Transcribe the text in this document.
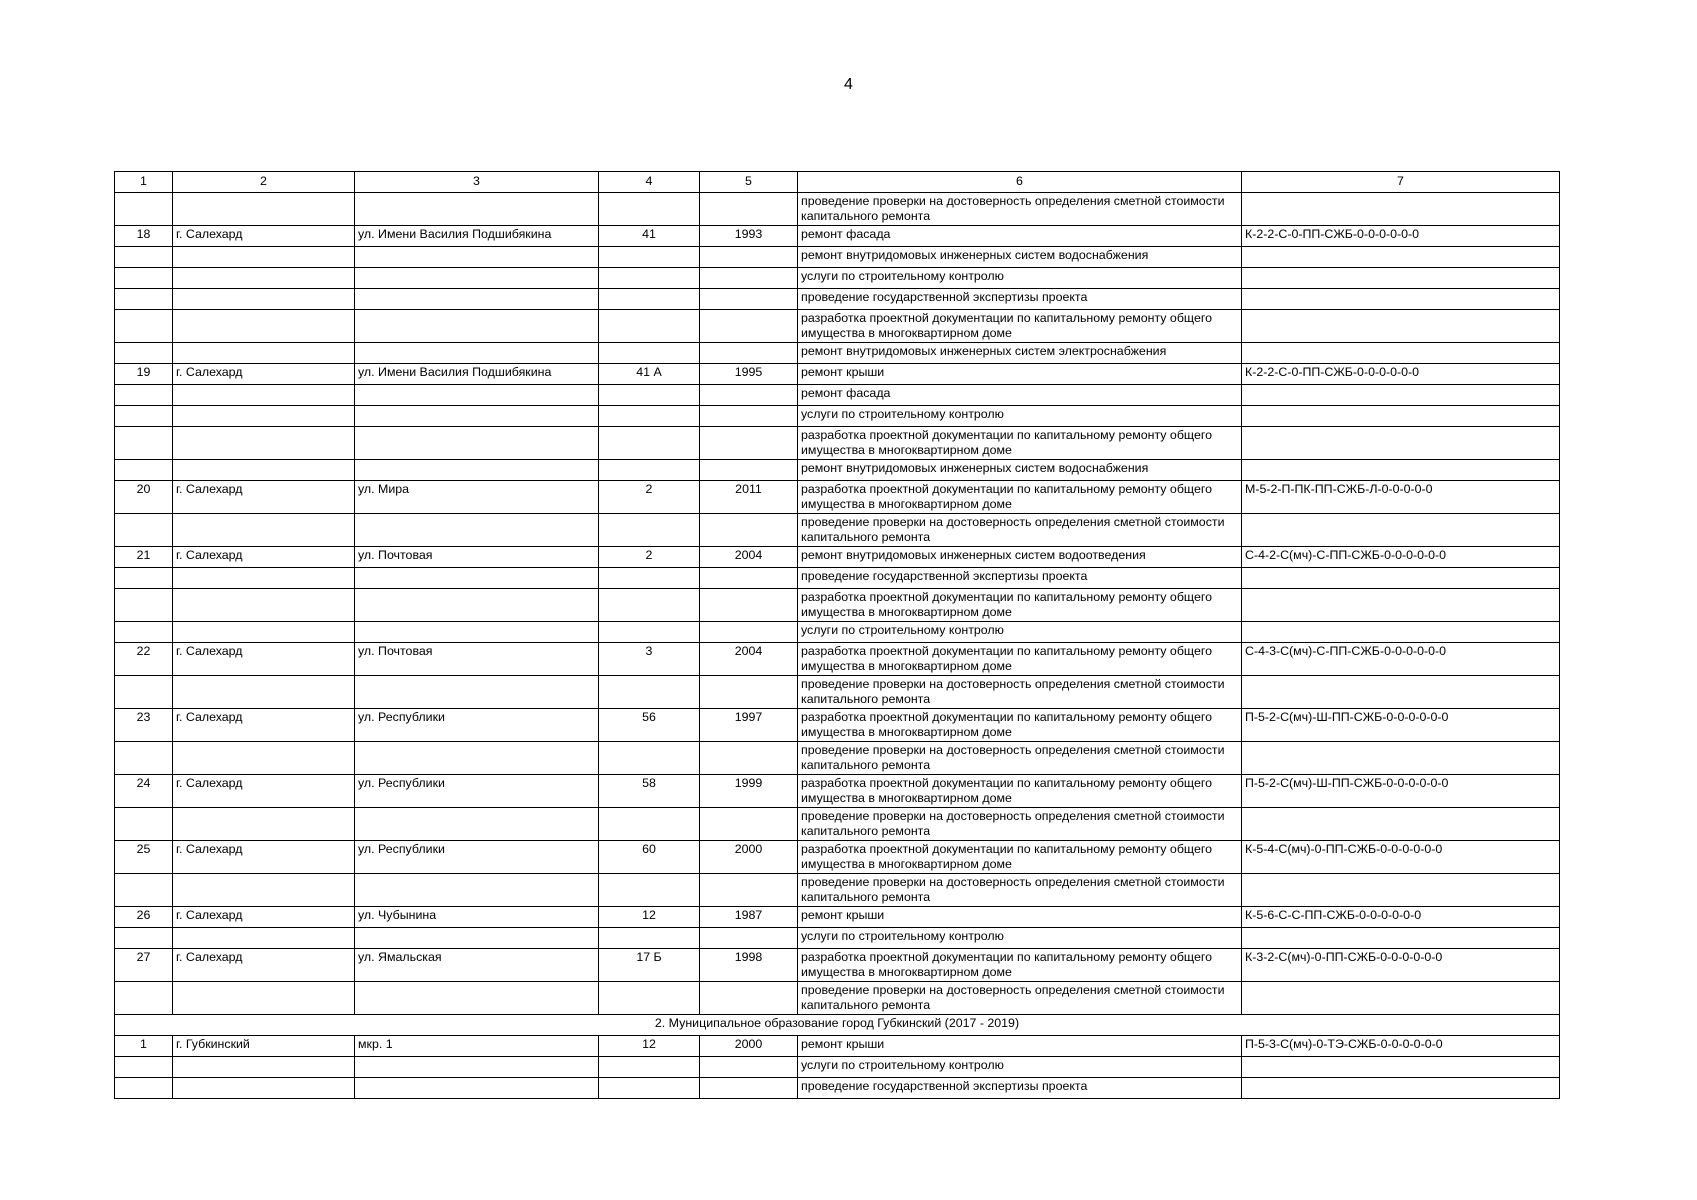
4
1	2	3	4	5	6	7
					проведение проверки на достоверность определения сметной стоимости капитального ремонта	
18	г. Салехард	ул. Имени Василия Подшибякина	41	1993	ремонт фасада	К-2-2-С-0-ПП-СЖБ-0-0-0-0-0-0
					ремонт внутридомовых инженерных систем водоснабжения	
					услуги по строительному контролю	
					проведение государственной экспертизы проекта	
					разработка проектной документации по капитальному ремонту общего имущества в многоквартирном доме	
					ремонт внутридомовых инженерных систем электроснабжения	
19	г. Салехард	ул. Имени Василия Подшибякина	41 А	1995	ремонт крыши	К-2-2-С-0-ПП-СЖБ-0-0-0-0-0-0
					ремонт фасада	
					услуги по строительному контролю	
					разработка проектной документации по капитальному ремонту общего имущества в многоквартирном доме	
					ремонт внутридомовых инженерных систем водоснабжения	
20	г. Салехард	ул. Мира	2	2011	разработка проектной документации по капитальному ремонту общего имущества в многоквартирном доме	М-5-2-П-ПК-ПП-СЖБ-Л-0-0-0-0-0
					проведение проверки на достоверность определения сметной стоимости капитального ремонта	
21	г. Салехард	ул. Почтовая	2	2004	ремонт внутридомовых инженерных систем водоотведения	С-4-2-С(мч)-С-ПП-СЖБ-0-0-0-0-0-0
					проведение государственной экспертизы проекта	
					разработка проектной документации по капитальному ремонту общего имущества в многоквартирном доме	
					услуги по строительному контролю	
22	г. Салехард	ул. Почтовая	3	2004	разработка проектной документации по капитальному ремонту общего имущества в многоквартирном доме	С-4-3-С(мч)-С-ПП-СЖБ-0-0-0-0-0-0
					проведение проверки на достоверность определения сметной стоимости капитального ремонта	
23	г. Салехард	ул. Республики	56	1997	разработка проектной документации по капитальному ремонту общего имущества в многоквартирном доме	П-5-2-С(мч)-Ш-ПП-СЖБ-0-0-0-0-0-0
					проведение проверки на достоверность определения сметной стоимости капитального ремонта	
24	г. Салехард	ул. Республики	58	1999	разработка проектной документации по капитальному ремонту общего имущества в многоквартирном доме	П-5-2-С(мч)-Ш-ПП-СЖБ-0-0-0-0-0-0
					проведение проверки на достоверность определения сметной стоимости капитального ремонта	
25	г. Салехард	ул. Республики	60	2000	разработка проектной документации по капитальному ремонту общего имущества в многоквартирном доме	К-5-4-С(мч)-0-ПП-СЖБ-0-0-0-0-0-0
					проведение проверки на достоверность определения сметной стоимости капитального ремонта	
26	г. Салехард	ул. Чубынина	12	1987	ремонт крыши	К-5-6-С-С-ПП-СЖБ-0-0-0-0-0-0
					услуги по строительному контролю	
27	г. Салехард	ул. Ямальская	17 Б	1998	разработка проектной документации по капитальному ремонту общего имущества в многоквартирном доме	К-3-2-С(мч)-0-ПП-СЖБ-0-0-0-0-0-0
					проведение проверки на достоверность определения сметной стоимости капитального ремонта	
2. Муниципальное образование город Губкинский (2017 - 2019)						
1	г. Губкинский	мкр. 1	12	2000	ремонт крыши	П-5-3-С(мч)-0-ТЭ-СЖБ-0-0-0-0-0-0
					услуги по строительному контролю	
					проведение государственной экспертизы проекта	
